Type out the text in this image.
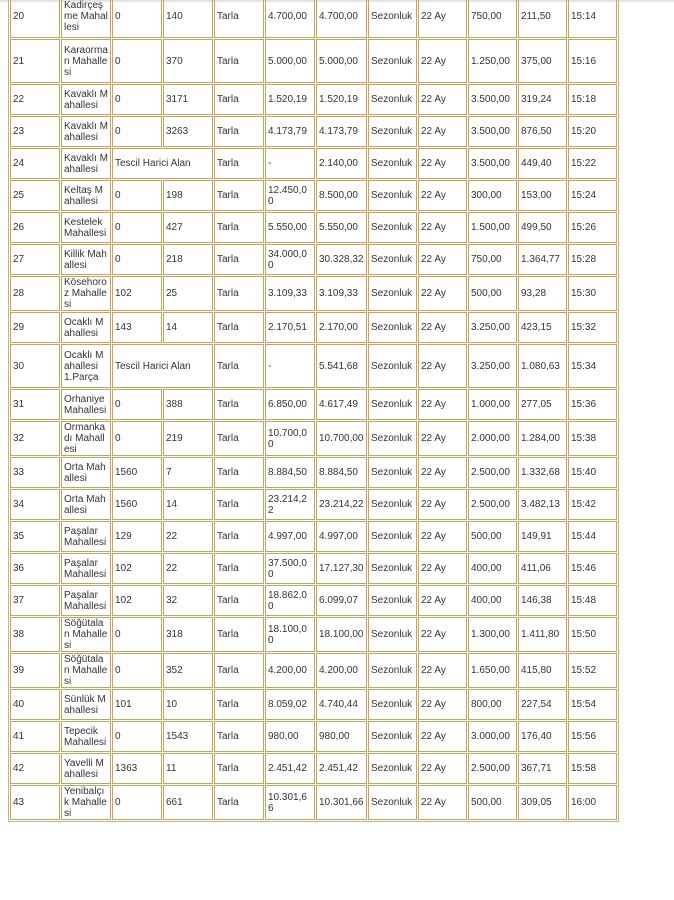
20	Kadirçeşme Mahallesi	0	140	Tarla	4.700,00	4.700,00	Sezonluk	22 Ay	750,00	211,50	15:14
21	Karaorman Mahallesi	0	370	Tarla	5.000,00	5.000,00	Sezonluk	22 Ay	1.250,00	375,00	15:16
22	Kavaklı Mahallesi	0	3171	Tarla	1.520,19	1.520,19	Sezonluk	22 Ay	3.500,00	319,24	15:18
23	Kavaklı Mahallesi	0	3263	Tarla	4.173,79	4.173,79	Sezonluk	22 Ay	3.500,00	876,50	15:20
24	Kavaklı Mahallesi	Tescil Harici Alan		Tarla	-	2.140,00	Sezonluk	22 Ay	3.500,00	449,40	15:22
25	Keltaş Mahallesi	0	198	Tarla	12.450,00	8.500,00	Sezonluk	22 Ay	300,00	153,00	15:24
26	Kestelek Mahallesi	0	427	Tarla	5.550,00	5.550,00	Sezonluk	22 Ay	1.500,00	499,50	15:26
27	Killik Mahallesi	0	218	Tarla	34.000,00	30.328,32	Sezonluk	22 Ay	750,00	1.364,77	15:28
28	Kösehoroz Mahallesi	102	25	Tarla	3.109,33	3.109,33	Sezonluk	22 Ay	500,00	93,28	15:30
29	Ocaklı Mahallesi	143	14	Tarla	2.170,51	2.170,00	Sezonluk	22 Ay	3.250,00	423,15	15:32
30	Ocaklı Mahallesi 1.Parça	Tescil Harici Alan		Tarla	-	5.541,68	Sezonluk	22 Ay	3.250,00	1.080,63	15:34
31	Orhaniye Mahallesi	0	388	Tarla	6.850,00	4.617,49	Sezonluk	22 Ay	1.000,00	277,05	15:36
32	Ormankadı Mahallesi	0	219	Tarla	10.700,00	10.700,00	Sezonluk	22 Ay	2.000,00	1.284,00	15:38
33	Orta Mahallesi	1560	7	Tarla	8.884,50	8.884,50	Sezonluk	22 Ay	2.500,00	1.332,68	15:40
34	Orta Mahallesi	1560	14	Tarla	23.214,22	23.214,22	Sezonluk	22 Ay	2.500,00	3.482,13	15:42
35	Paşalar Mahallesi	129	22	Tarla	4.997,00	4.997,00	Sezonluk	22 Ay	500,00	149,91	15:44
36	Paşalar Mahallesi	102	22	Tarla	37.500,00	17.127,30	Sezonluk	22 Ay	400,00	411,06	15:46
37	Paşalar Mahallesi	102	32	Tarla	18.862,00	6.099,07	Sezonluk	22 Ay	400,00	146,38	15:48
38	Söğütalan Mahallesi	0	318	Tarla	18.100,00	18.100,00	Sezonluk	22 Ay	1.300,00	1.411,80	15:50
39	Söğütalan Mahallesi	0	352	Tarla	4.200,00	4.200,00	Sezonluk	22 Ay	1.650,00	415,80	15:52
40	Sünlük Mahallesi	101	10	Tarla	8.059,02	4.740,44	Sezonluk	22 Ay	800,00	227,54	15:54
41	Tepecik Mahallesi	0	1543	Tarla	980,00	980,00	Sezonluk	22 Ay	3.000,00	176,40	15:56
42	Yavelli Mahallesi	1363	11	Tarla	2.451,42	2.451,42	Sezonluk	22 Ay	2.500,00	367,71	15:58
43	Yenibalçık Mahallesi	0	661	Tarla	10.301,66	10.301,66	Sezonluk	22 Ay	500,00	309,05	16:00
